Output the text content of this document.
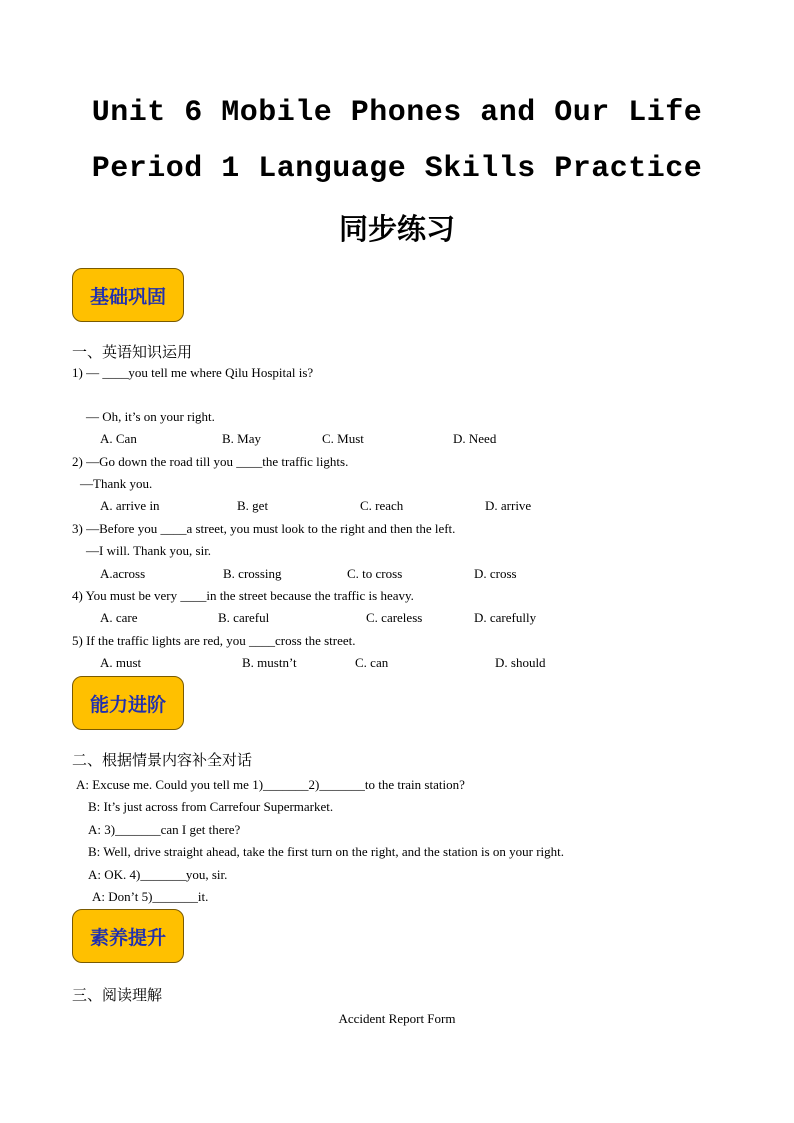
Unit 6 Mobile Phones and Our Life
Period 1 Language Skills Practice
同步练习
基础巩固
一、英语知识运用
1) — ____you tell me where Qilu Hospital is?
— Oh, it’s on your right.
A. Can	B. May	C. Must	D. Need
2) —Go down the road till you ____the traffic lights.
—Thank you.
A. arrive in	B. get	C. reach	D. arrive
3) —Before you ____a street, you must look to the right and then the left.
—I will. Thank you, sir.
A.across	B. crossing	C. to cross	D. cross
4) You must be very ____in the street because the traffic is heavy.
A. care	B. careful	C. careless	D. carefully
5) If the traffic lights are red, you ____cross the street.
A. must	B. mustn’t	C. can	D. should
能力进阶
二、根据情景内容补全对话
A: Excuse me. Could you tell me 1)_______2)_______to the train station?
B: It’s just across from Carrefour Supermarket.
A: 3)_______can I get there?
B: Well, drive straight ahead, take the first turn on the right, and the station is on your right.
A: OK. 4)_______you, sir.
A: Don’t 5)_______it.
素养提升
三、阅读理解
Accident Report Form
